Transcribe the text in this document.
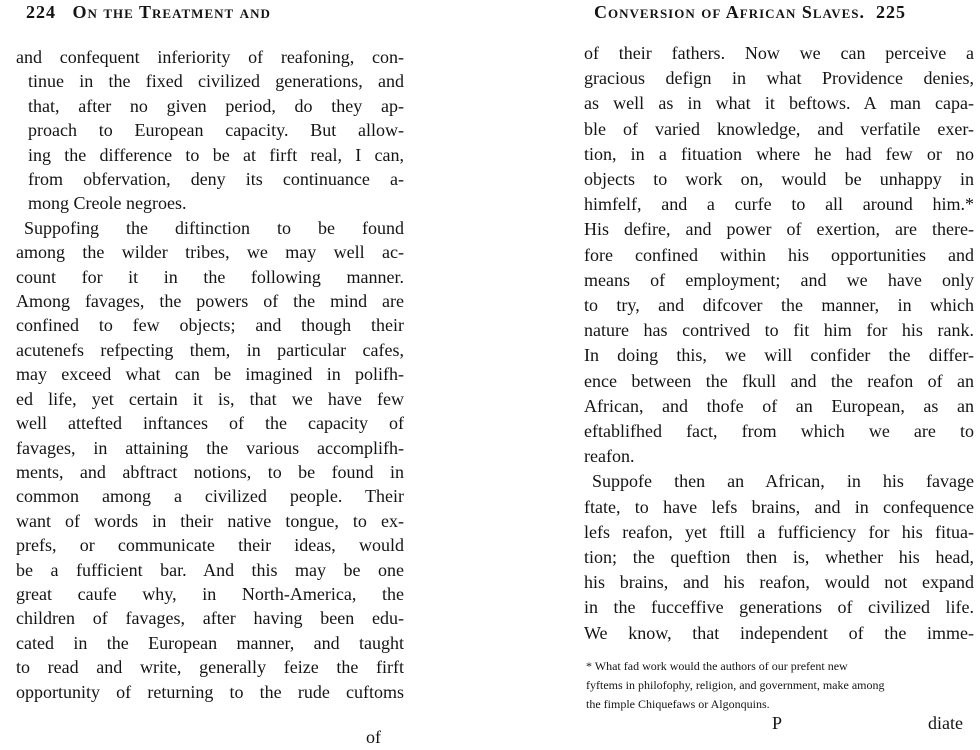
224 On the Treatment and
and confequent inferiority of reafoning, con-
tinue in the fixed civilized generations, and
that, after no given period, do they ap-
proach to European capacity. But allow-
ing the difference to be at firft real, I can,
from obfervation, deny its continuance a-
mong Creole negroes.
Suppofing the diftinction to be found
among the wilder tribes, we may well ac-
count for it in the following manner.
Among favages, the powers of the mind are
confined to few objects; and though their
acutenefs refpecting them, in particular cafes,
may exceed what can be imagined in polifh-
ed life, yet certain it is, that we have few
well attefted inftances of the capacity of
favages, in attaining the various accomplifh-
ments, and abftract notions, to be found in
common among a civilized people. Their
want of words in their native tongue, to ex-
prefs, or communicate their ideas, would
be a fufficient bar. And this may be one
great caufe why, in North-America, the
children of favages, after having been edu-
cated in the European manner, and taught
to read and write, generally feize the firft
opportunity of returning to the rude cuftoms
of
Conversion of African Slaves. 225
of their fathers. Now we can perceive a
gracious defign in what Providence denies,
as well as in what it beftows. A man capa-
ble of varied knowledge, and verfatile exer-
tion, in a fituation where he had few or no
objects to work on, would be unhappy in
himfelf, and a curfe to all around him.*
His defire, and power of exertion, are there-
fore confined within his opportunities and
means of employment; and we have only
to try, and difcover the manner, in which
nature has contrived to fit him for his rank.
In doing this, we will confider the differ-
ence between the fkull and the reafon of an
African, and thofe of an European, as an
eftablifhed fact, from which we are to
reafon.
Suppofe then an African, in his favage
ftate, to have lefs brains, and in confequence
lefs reafon, yet ftill a fufficiency for his fitua-
tion; the queftion then is, whether his head,
his brains, and his reafon, would not expand
in the fucceffive generations of civilized life.
We know, that independent of the imme-
* What fad work would the authors of our prefent new
fyftems in philofophy, religion, and government, make among
the fimple Chiquefaws or Algonquins.
P	diate
